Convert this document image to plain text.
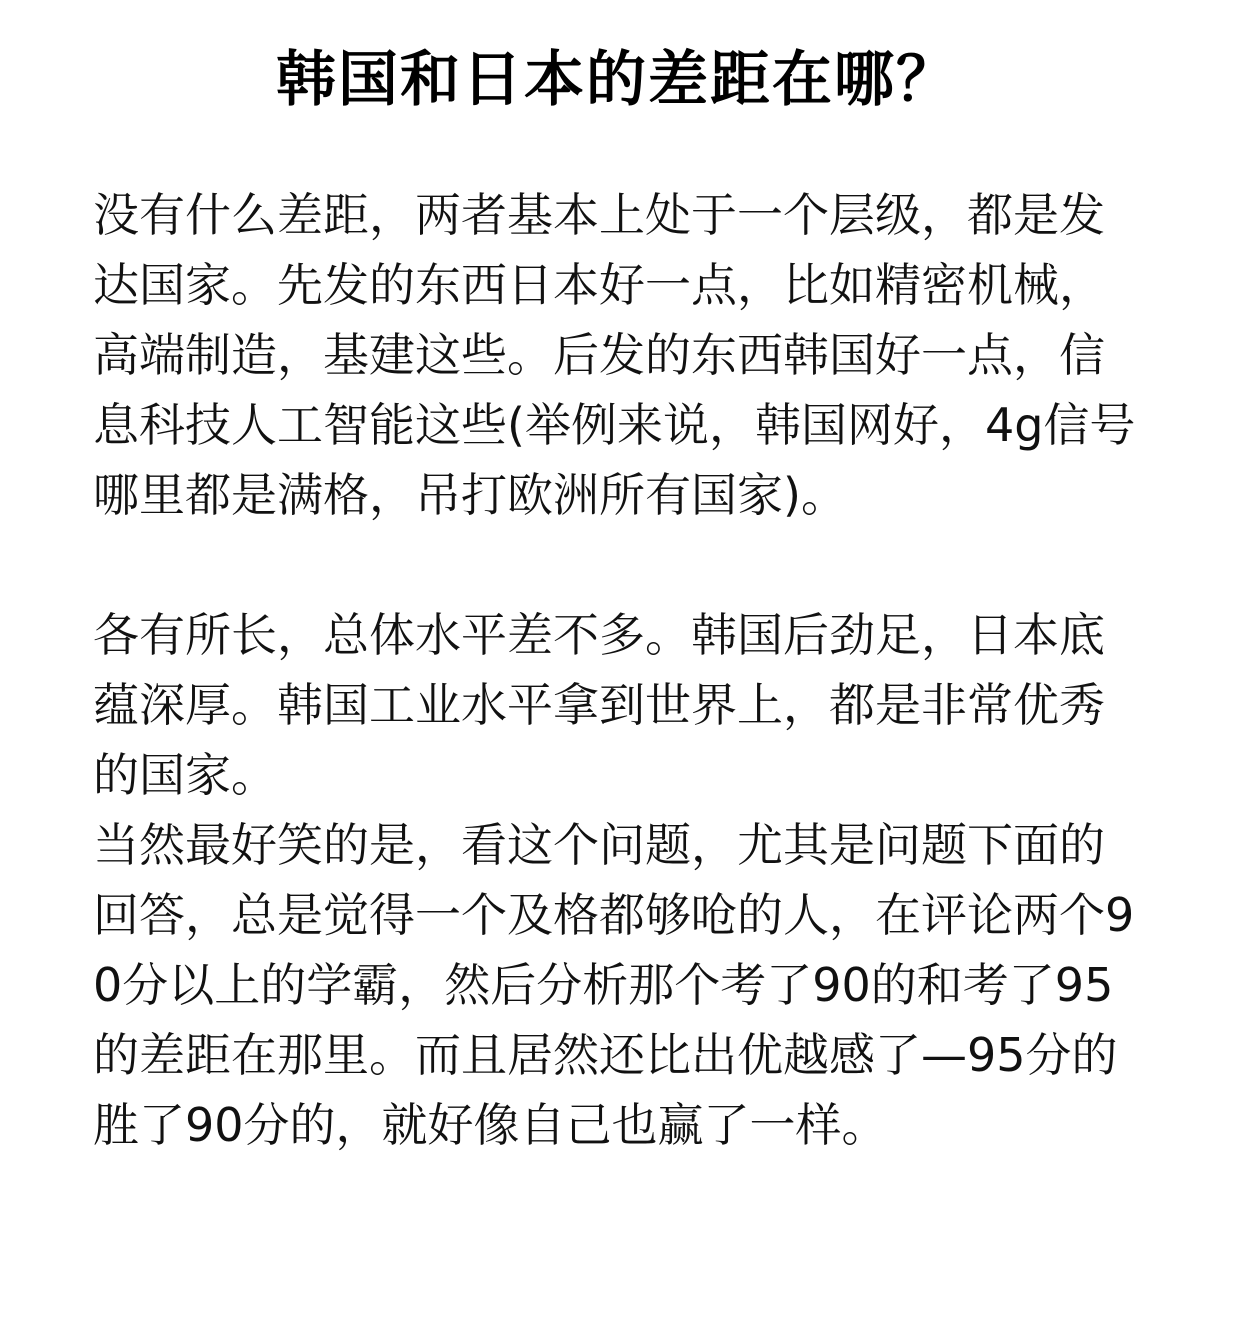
韩国和日本的差距在哪？

没有什么差距，两者基本上处于一个层级，都是发达国家。先发的东西日本好一点，比如精密机械，高端制造，基建这些。后发的东西韩国好一点，信息科技人工智能这些(举例来说，韩国网好，4g信号哪里都是满格，吊打欧洲所有国家)。

各有所长，总体水平差不多。韩国后劲足，日本底蕴深厚。韩国工业水平拿到世界上，都是非常优秀的国家。

当然最好笑的是，看这个问题，尤其是问题下面的回答，总是觉得一个及格都够呛的人，在评论两个90分以上的学霸，然后分析那个考了90的和考了95的差距在那里。而且居然还比出优越感了—95分的胜了90分的，就好像自己也赢了一样。
